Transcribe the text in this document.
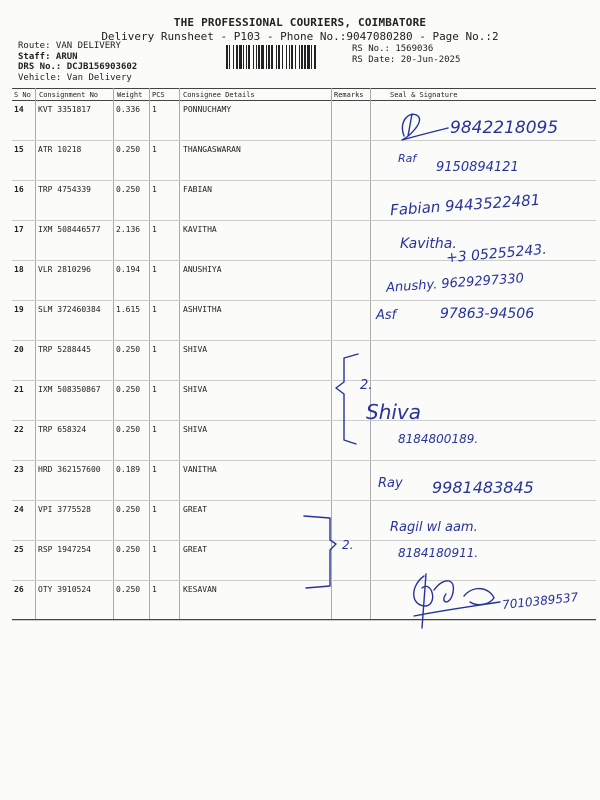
THE PROFESSIONAL COURIERS, COIMBATORE
Delivery Runsheet - P103 - Phone No.:9047080280 - Page No.:2
Route: VAN DELIVERY
Staff: ARUN
DRS No.: DCJB156903602
Vehicle: Van Delivery
RS No.: 1569036
RS Date: 20-Jun-2025
S No Consignment No	Weight PCS	Consignee Details	Remarks	Seal & Signature
14 KVT 3351817	0.336 1	PONNUCHAMY
15 ATR 10218	0.250 1	THANGASWARAN
16 TRP 4754339	0.250 1	FABIAN
17 IXM 508446577 2.136 1	KAVITHA
18 VLR 2810296	0.194 1	ANUSHIYA
19 SLM 372460384 1.615 1	ASHVITHA
20 TRP 5288445	0.250 1	SHIVA
21 IXM 508350867 0.250 1	SHIVA
22 TRP 658324	0.250 1	SHIVA
23 HRD 362157600 0.189 1	VANITHA
24 VPI 3775528	0.250 1	GREAT
25 RSP 1947254	0.250 1	GREAT
26 OTY 3910524	0.250 1	KESAVAN
9842218095
Raf
9150894121
Fabian 9443522481
Kavitha.
+3 05255243.
Anushy. 9629297330
Asf	97863-94506
2.
Shiva
8184800189.
Ray 9981483845
2.
Ragil wl aam.
8184180911.
7010389537
